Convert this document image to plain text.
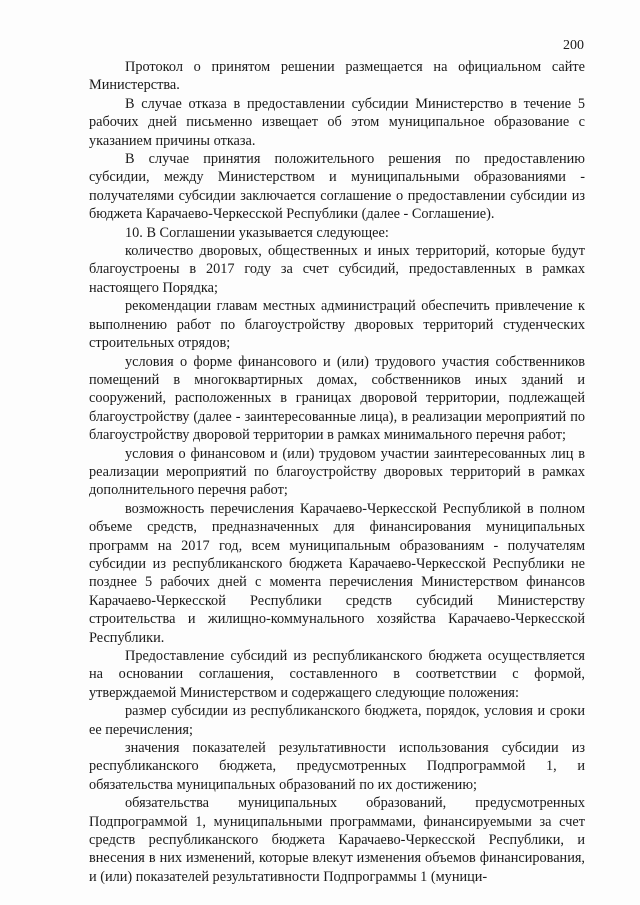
200

Протокол о принятом решении размещается на официальном сайте Министерства.

В случае отказа в предоставлении субсидии Министерство в течение 5 рабочих дней письменно извещает об этом муниципальное образование с указанием причины отказа.

В случае принятия положительного решения по предоставлению субсидии, между Министерством и муниципальными образованиями - получателями субсидии заключается соглашение о предоставлении субсидии из бюджета Карачаево-Черкесской Республики (далее - Соглашение).

10. В Соглашении указывается следующее:

количество дворовых, общественных и иных территорий, которые будут благоустроены в 2017 году за счет субсидий, предоставленных в рамках настоящего Порядка;

рекомендации главам местных администраций обеспечить привлечение к выполнению работ по благоустройству дворовых территорий студенческих строительных отрядов;

условия о форме финансового и (или) трудового участия собственников помещений в многоквартирных домах, собственников иных зданий и сооружений, расположенных в границах дворовой территории, подлежащей благоустройству (далее - заинтересованные лица), в реализации мероприятий по благоустройству дворовой территории в рамках минимального перечня работ;

условия о финансовом и (или) трудовом участии заинтересованных лиц в реализации мероприятий по благоустройству дворовых территорий в рамках дополнительного перечня работ;

возможность перечисления Карачаево-Черкесской Республикой в полном объеме средств, предназначенных для финансирования муниципальных программ на 2017 год, всем муниципальным образованиям - получателям субсидии из республиканского бюджета Карачаево-Черкесской Республики не позднее 5 рабочих дней с момента перечисления Министерством финансов Карачаево-Черкесской Республики средств субсидий Министерству строительства и жилищно-коммунального хозяйства Карачаево-Черкесской Республики.

Предоставление субсидий из республиканского бюджета осуществляется на основании соглашения, составленного в соответствии с формой, утверждаемой Министерством и содержащего следующие положения:

размер субсидии из республиканского бюджета, порядок, условия и сроки ее перечисления;

значения показателей результативности использования субсидии из республиканского бюджета, предусмотренных Подпрограммой 1, и обязательства муниципальных образований по их достижению;

обязательства муниципальных образований, предусмотренных Подпрограммой 1, муниципальными программами, финансируемыми за счет средств республиканского бюджета Карачаево-Черкесской Республики, и внесения в них изменений, которые влекут изменения объемов финансирования, и (или) показателей результативности Подпрограммы 1 (муници-
